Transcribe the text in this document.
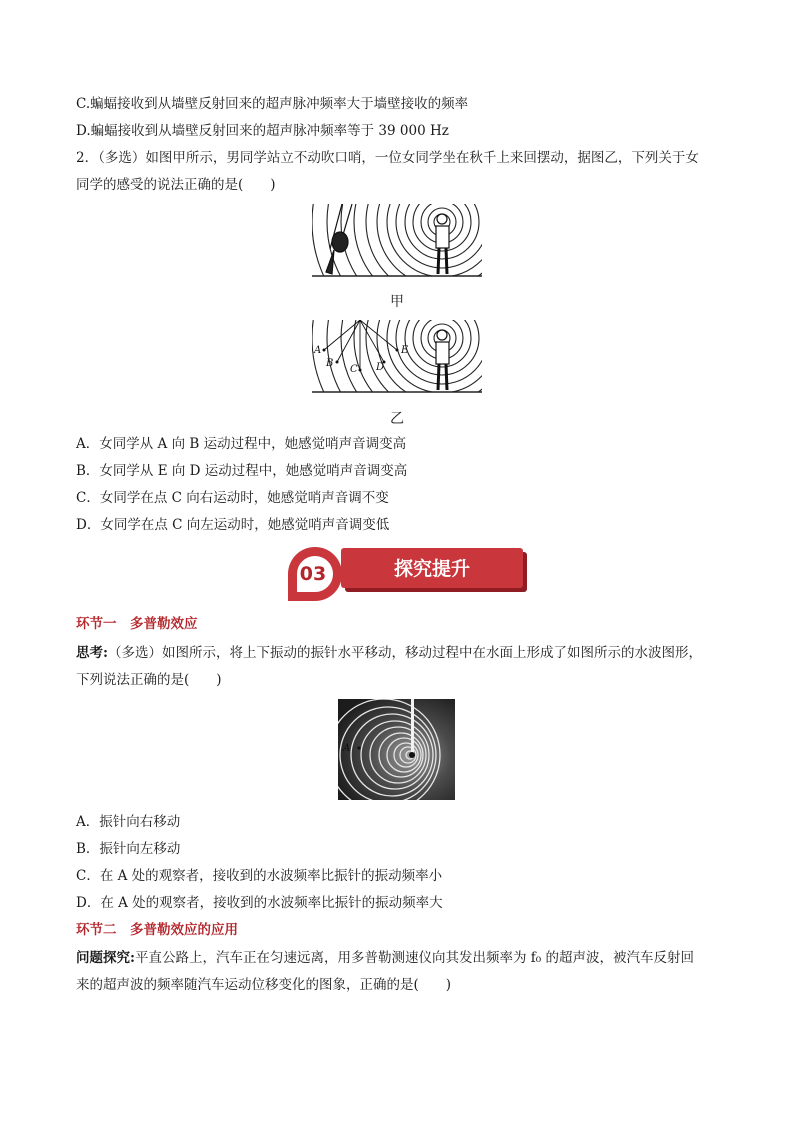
C.蝙蝠接收到从墙壁反射回来的超声脉冲频率大于墙壁接收的频率
D.蝙蝠接收到从墙壁反射回来的超声脉冲频率等于 39 000 Hz
2．（多选）如图甲所示，男同学站立不动吹口哨，一位女同学坐在秋千上来回摆动，据图乙，下列关于女
同学的感受的说法正确的是(　　)
甲
A
B
C D
E
乙
A．女同学从 A 向 B 运动过程中，她感觉哨声音调变高
B．女同学从 E 向 D 运动过程中，她感觉哨声音调变高
C．女同学在点 C 向右运动时，她感觉哨声音调不变
D．女同学在点 C 向左运动时，她感觉哨声音调变低
03	探究提升
环节一　多普勒效应
思考:（多选）如图所示，将上下振动的振针水平移动，移动过程中在水面上形成了如图所示的水波图形，
下列说法正确的是(　　)
A
A．振针向右移动
B．振针向左移动
C．在 A 处的观察者，接收到的水波频率比振针的振动频率小
D．在 A 处的观察者，接收到的水波频率比振针的振动频率大
环节二　多普勒效应的应用
问题探究:平直公路上，汽车正在匀速远离，用多普勒测速仪向其发出频率为 f₀ 的超声波，被汽车反射回
来的超声波的频率随汽车运动位移变化的图象，正确的是(　　)
